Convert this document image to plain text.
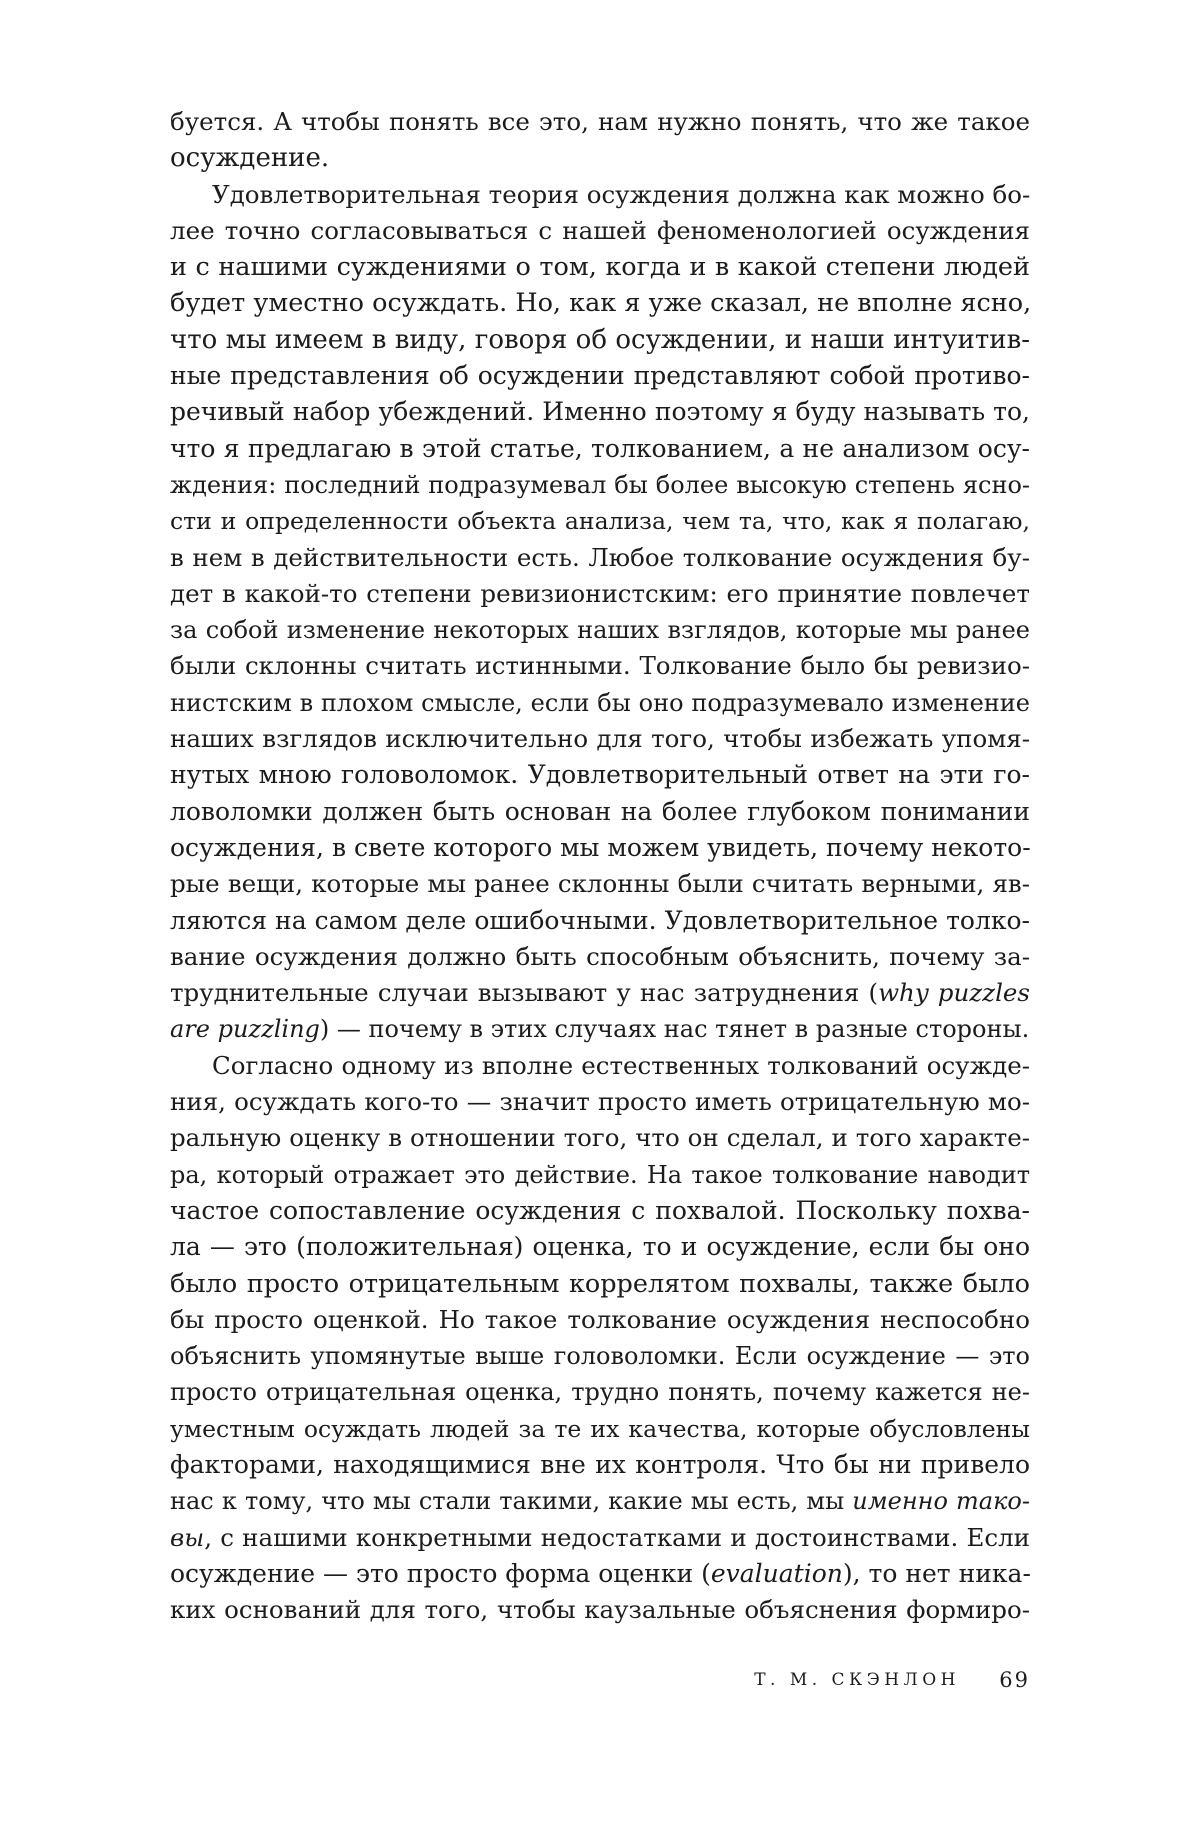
буется. А чтобы понять все это, нам нужно понять, что же такое
осуждение.
Удовлетворительная теория осуждения должна как можно бо-
лее точно согласовываться с нашей феноменологией осуждения
и с нашими суждениями о том, когда и в какой степени людей
будет уместно осуждать. Но, как я уже сказал, не вполне ясно,
что мы имеем в виду, говоря об осуждении, и наши интуитив-
ные представления об осуждении представляют собой противо-
речивый набор убеждений. Именно поэтому я буду называть то,
что я предлагаю в этой статье, толкованием, а не анализом осу-
ждения: последний подразумевал бы более высокую степень ясно-
сти и определенности объекта анализа, чем та, что, как я полагаю,
в нем в действительности есть. Любое толкование осуждения бу-
дет в какой-то степени ревизионистским: его принятие повлечет
за собой изменение некоторых наших взглядов, которые мы ранее
были склонны считать истинными. Толкование было бы ревизио-
нистским в плохом смысле, если бы оно подразумевало изменение
наших взглядов исключительно для того, чтобы избежать упомя-
нутых мною головоломок. Удовлетворительный ответ на эти го-
ловоломки должен быть основан на более глубоком понимании
осуждения, в свете которого мы можем увидеть, почему некото-
рые вещи, которые мы ранее склонны были считать верными, яв-
ляются на самом деле ошибочными. Удовлетворительное толко-
вание осуждения должно быть способным объяснить, почему за-
труднительные случаи вызывают у нас затруднения (why puzzles
are puzzling) — почему в этих случаях нас тянет в разные стороны.
Согласно одному из вполне естественных толкований осужде-
ния, осуждать кого-то — значит просто иметь отрицательную мо-
ральную оценку в отношении того, что он сделал, и того характе-
ра, который отражает это действие. На такое толкование наводит
частое сопоставление осуждения с похвалой. Поскольку похва-
ла — это (положительная) оценка, то и осуждение, если бы оно
было просто отрицательным коррелятом похвалы, также было
бы просто оценкой. Но такое толкование осуждения неспособно
объяснить упомянутые выше головоломки. Если осуждение — это
просто отрицательная оценка, трудно понять, почему кажется не-
уместным осуждать людей за те их качества, которые обусловлены
факторами, находящимися вне их контроля. Что бы ни привело
нас к тому, что мы стали такими, какие мы есть, мы именно тако-
вы, с нашими конкретными недостатками и достоинствами. Если
осуждение — это просто форма оценки (evaluation), то нет ника-
ких оснований для того, чтобы каузальные объяснения формиро-
Т. М. СКЭНЛОН 69
